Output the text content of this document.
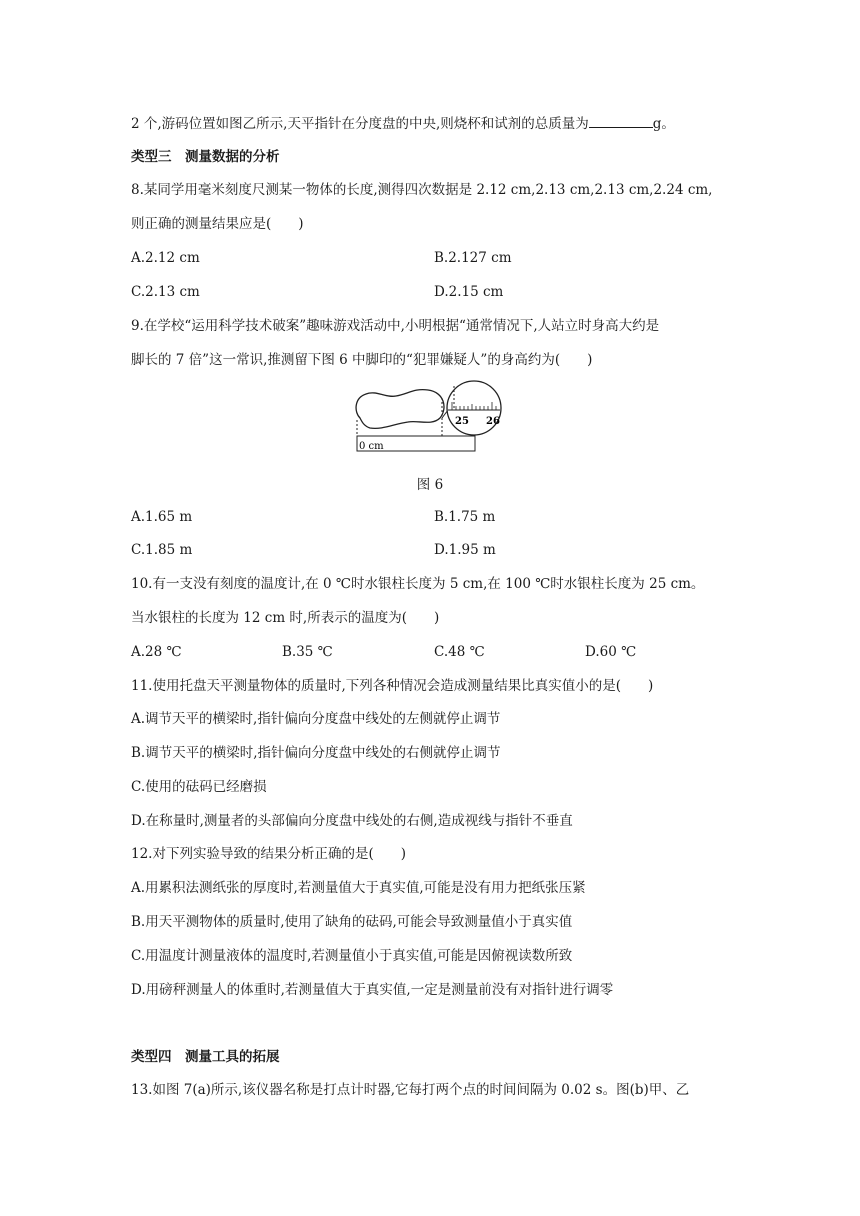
2 个,游码位置如图乙所示,天平指针在分度盘的中央,则烧杯和试剂的总质量为	g。
类型三　测量数据的分析
8.某同学用毫米刻度尺测某一物体的长度,测得四次数据是 2.12 cm,2.13 cm,2.13 cm,2.24 cm,
则正确的测量结果应是(　　)
A.2.12 cm	B.2.127 cm
C.2.13 cm	D.2.15 cm
9.在学校“运用科学技术破案”趣味游戏活动中,小明根据“通常情况下,人站立时身高大约是
脚长的 7 倍”这一常识,推测留下图 6 中脚印的“犯罪嫌疑人”的身高约为(　　)
0 cm
25 26
图 6
A.1.65 m	B.1.75 m
C.1.85 m	D.1.95 m
10.有一支没有刻度的温度计,在 0 ℃时水银柱长度为 5 cm,在 100 ℃时水银柱长度为 25 cm。
当水银柱的长度为 12 cm 时,所表示的温度为(　　)
A.28 ℃	B.35 ℃	C.48 ℃	D.60 ℃
11.使用托盘天平测量物体的质量时,下列各种情况会造成测量结果比真实值小的是(　　)
A.调节天平的横梁时,指针偏向分度盘中线处的左侧就停止调节
B.调节天平的横梁时,指针偏向分度盘中线处的右侧就停止调节
C.使用的砝码已经磨损
D.在称量时,测量者的头部偏向分度盘中线处的右侧,造成视线与指针不垂直
12.对下列实验导致的结果分析正确的是(　　)
A.用累积法测纸张的厚度时,若测量值大于真实值,可能是没有用力把纸张压紧
B.用天平测物体的质量时,使用了缺角的砝码,可能会导致测量值小于真实值
C.用温度计测量液体的温度时,若测量值小于真实值,可能是因俯视读数所致
D.用磅秤测量人的体重时,若测量值大于真实值,一定是测量前没有对指针进行调零
类型四　测量工具的拓展
13.如图 7(a)所示,该仪器名称是打点计时器,它每打两个点的时间间隔为 0.02 s。图(b)甲、乙
